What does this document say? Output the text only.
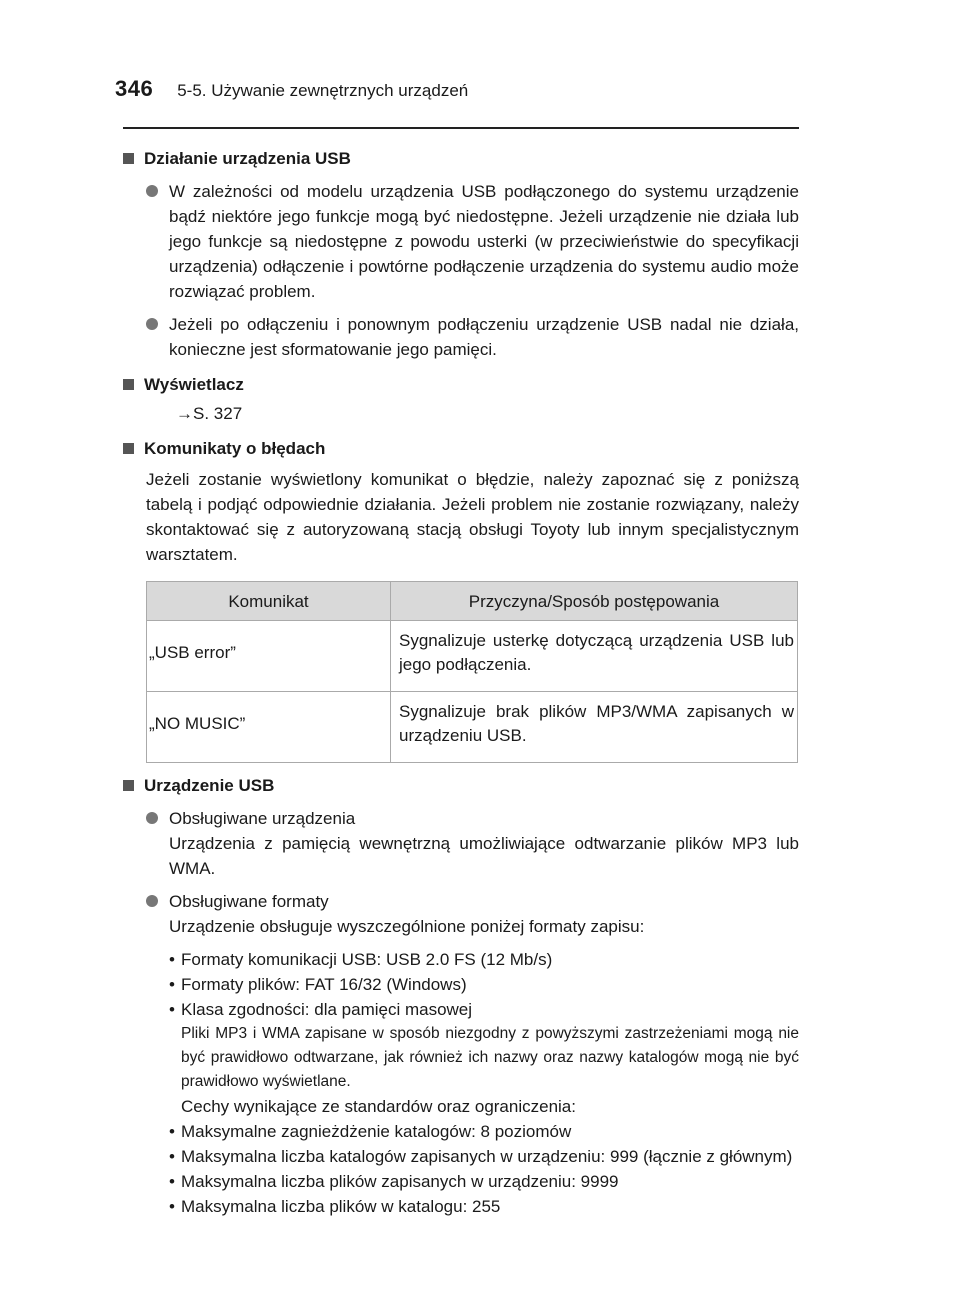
346 5-5. Używanie zewnętrznych urządzeń
Działanie urządzenia USB
W zależności od modelu urządzenia USB podłączonego do systemu urządzenie bądź niektóre jego funkcje mogą być niedostępne. Jeżeli urządzenie nie działa lub jego funkcje są niedostępne z powodu usterki (w przeciwieństwie do specyfikacji urządzenia) odłączenie i powtórne podłączenie urządzenia do systemu audio może rozwiązać problem.
Jeżeli po odłączeniu i ponownym podłączeniu urządzenie USB nadal nie działa, konieczne jest sformatowanie jego pamięci.
Wyświetlacz
→S. 327
Komunikaty o błędach
Jeżeli zostanie wyświetlony komunikat o błędzie, należy zapoznać się z poniższą tabelą i podjąć odpowiednie działania. Jeżeli problem nie zostanie rozwiązany, należy skontaktować się z autoryzowaną stacją obsługi Toyoty lub innym specjalistycznym warsztatem.
Komunikat	Przyczyna/Sposób postępowania
„USB error”	Sygnalizuje usterkę dotyczącą urządzenia USB lub jego podłączenia.
„NO MUSIC”	Sygnalizuje brak plików MP3/WMA zapisanych w urządzeniu USB.
Urządzenie USB
Obsługiwane urządzenia
Urządzenia z pamięcią wewnętrzną umożliwiające odtwarzanie plików MP3 lub WMA.
Obsługiwane formaty
Urządzenie obsługuje wyszczególnione poniżej formaty zapisu:
• Formaty komunikacji USB: USB 2.0 FS (12 Mb/s)
• Formaty plików: FAT 16/32 (Windows)
• Klasa zgodności: dla pamięci masowej
Pliki MP3 i WMA zapisane w sposób niezgodny z powyższymi zastrzeżeniami mogą nie być prawidłowo odtwarzane, jak również ich nazwy oraz nazwy katalogów mogą nie być prawidłowo wyświetlane.
Cechy wynikające ze standardów oraz ograniczenia:
• Maksymalne zagnieżdżenie katalogów: 8 poziomów
• Maksymalna liczba katalogów zapisanych w urządzeniu: 999 (łącznie z głównym)
• Maksymalna liczba plików zapisanych w urządzeniu: 9999
• Maksymalna liczba plików w katalogu: 255
